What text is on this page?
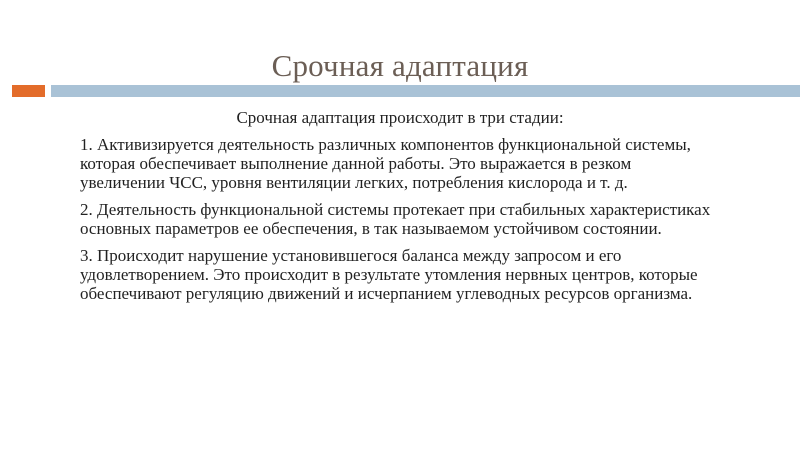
Срочная адаптация

Срочная адаптация происходит в три стадии:

1. Активизируется деятельность различных компонентов функциональной системы, которая обеспечивает выполнение данной работы. Это выражается в резком увеличении ЧСС, уровня вентиляции легких, потребления кислорода и т. д.

2. Деятельность функциональной системы протекает при стабильных характеристиках основных параметров ее обеспечения, в так называемом устойчивом состоянии.

3. Происходит нарушение установившегося баланса между запросом и его удовлетворением. Это происходит в результате утомления нервных центров, которые обеспечивают регуляцию движений и исчерпанием углеводных ресурсов организма.
